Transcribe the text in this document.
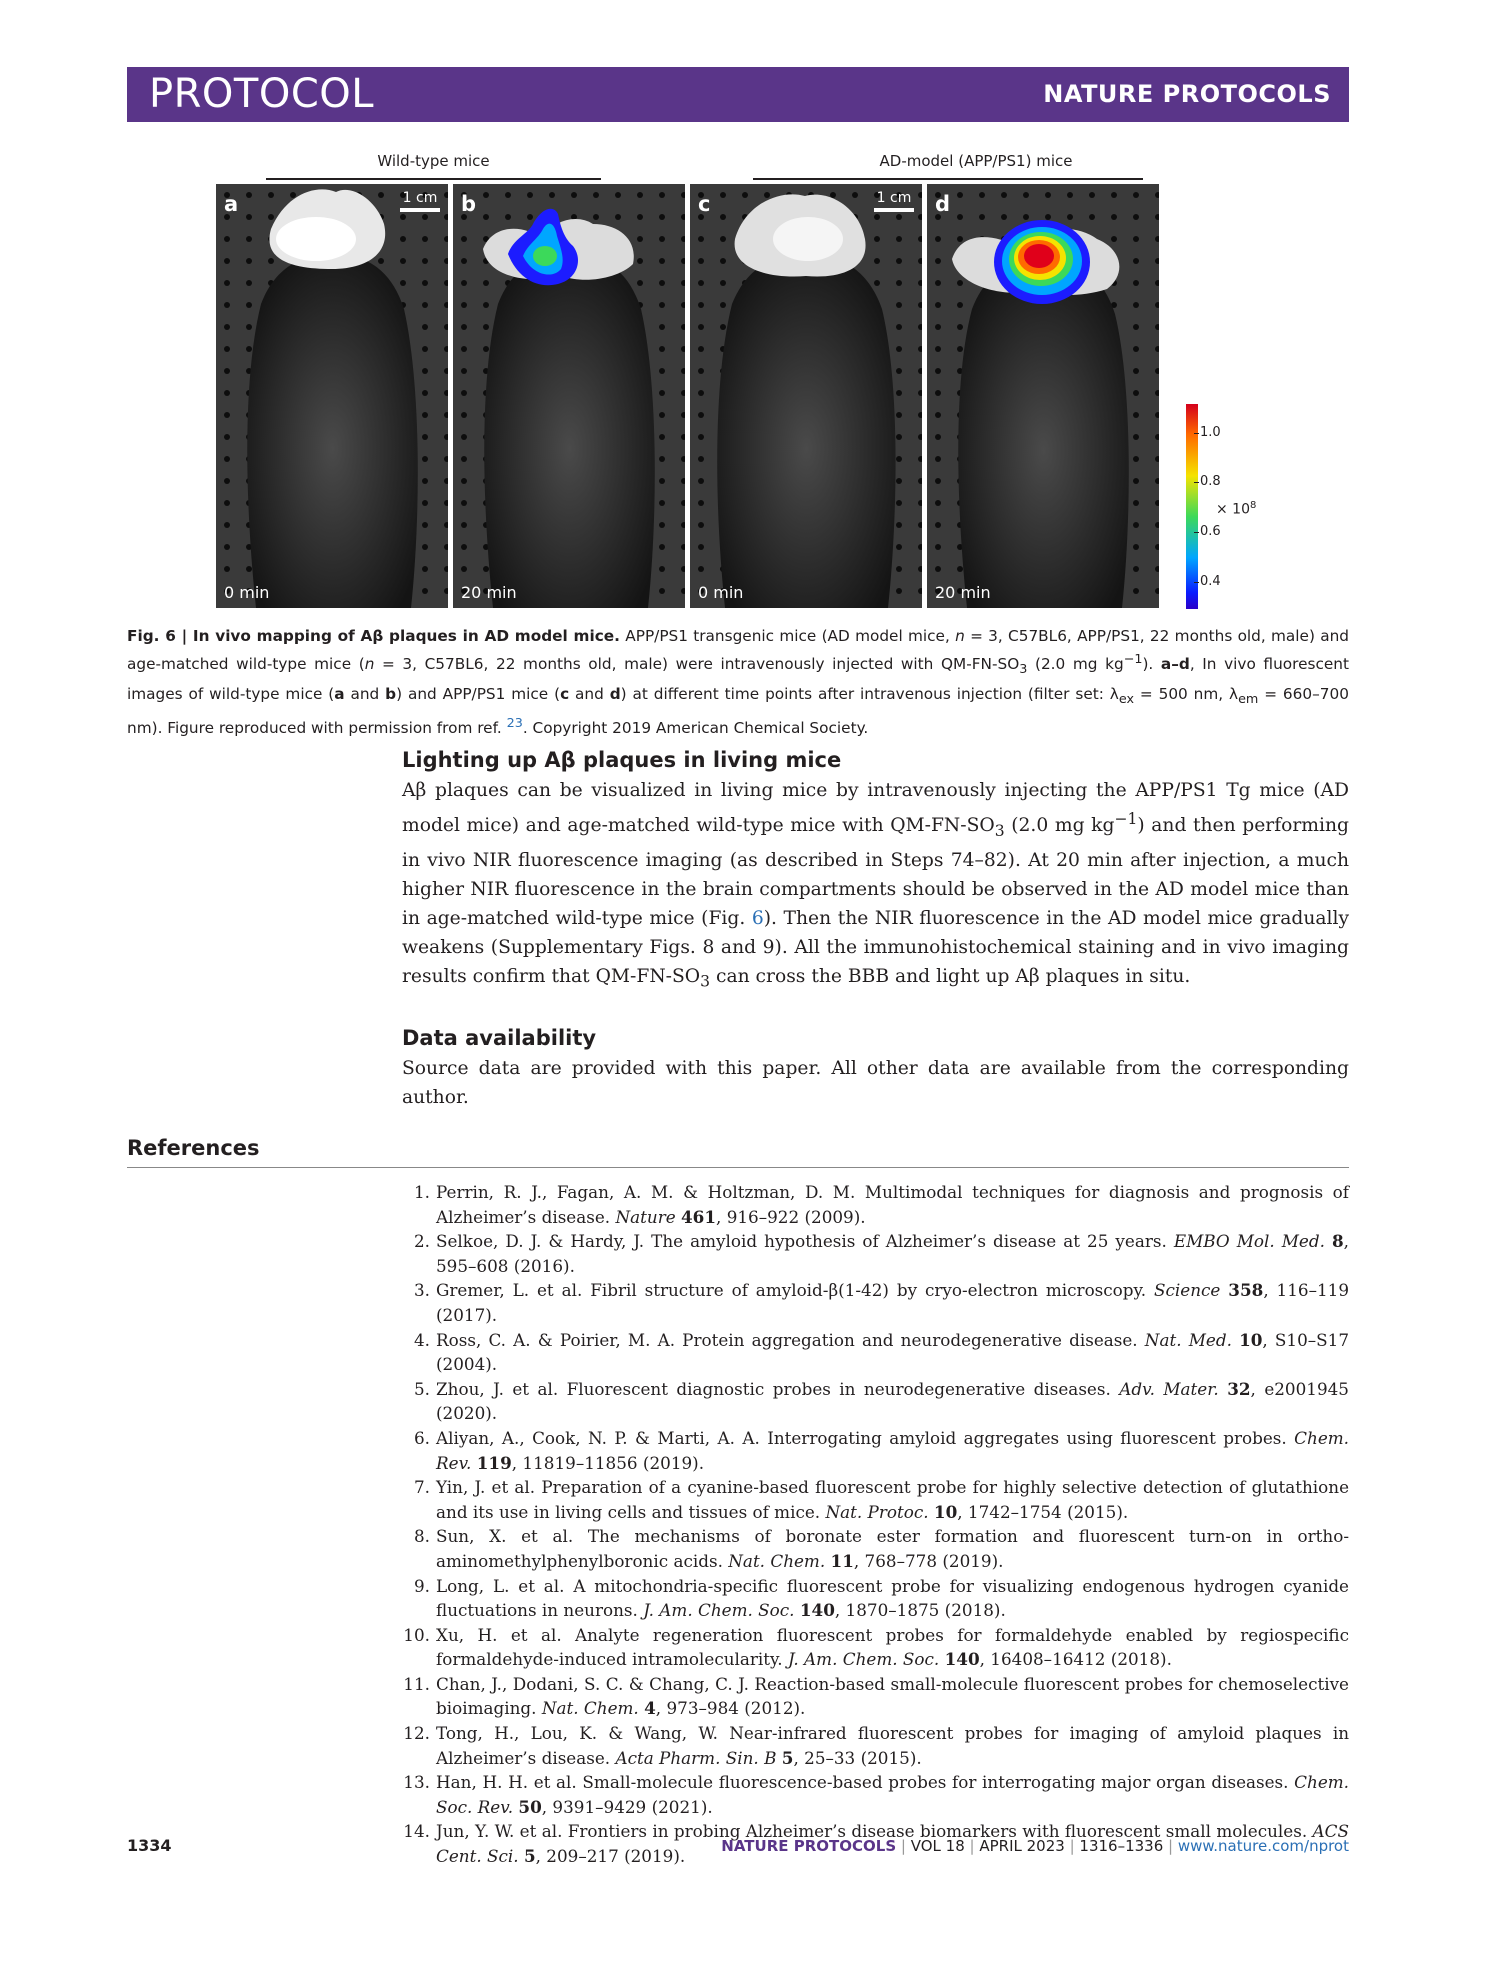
PROTOCOL	NATURE PROTOCOLS
Wild-type mice	AD-model (APP/PS1) mice
a	1 cm
0 min
b
20 min
c	1 cm
0 min
d
20 min
1.0
0.8
0.6
0.4
× $10^8$
Fig. 6 | In vivo mapping of Aβ plaques in AD model mice. APP/PS1 transgenic mice (AD model mice, n = 3, C57BL6, APP/PS1, 22 months old, male) and age-matched wild-type mice (n = 3, C57BL6, 22 months old, male) were intravenously injected with $QM-FN-SO_3$ (2.0 mg $kg^{-1}$). a–d, In vivo fluorescent images of wild-type mice (a and b) and APP/PS1 mice (c and d) at different time points after intravenous injection (filter set: $\lambda_{ex} = 500$ nm, $\lambda_{em} = 660-700$ nm). Figure reproduced with permission from ref. $^{23}$. Copyright 2019 American Chemical Society.
Lighting up Aβ plaques in living mice
Aβ plaques can be visualized in living mice by intravenously injecting the APP/PS1 Tg mice (AD model mice) and age-matched wild-type mice with $QM-FN-SO_3$ (2.0 mg $kg^{-1}$) and then performing in vivo NIR fluorescence imaging (as described in Steps 74–82). At 20 min after injection, a much higher NIR fluorescence in the brain compartments should be observed in the AD model mice than in age-matched wild-type mice (Fig. 6). Then the NIR fluorescence in the AD model mice gradually weakens (Supplementary Figs. 8 and 9). All the immunohistochemical staining and in vivo imaging results confirm that $QM-FN-SO_3$ can cross the BBB and light up Aβ plaques in situ.
Data availability
Source data are provided with this paper. All other data are available from the corresponding author.
References
1. Perrin, R. J., Fagan, A. M. & Holtzman, D. M. Multimodal techniques for diagnosis and prognosis of Alzheimer’s disease. Nature 461, 916–922 (2009).
2. Selkoe, D. J. & Hardy, J. The amyloid hypothesis of Alzheimer’s disease at 25 years. EMBO Mol. Med. 8, 595–608 (2016).
3. Gremer, L. et al. Fibril structure of amyloid-β(1-42) by cryo-electron microscopy. Science 358, 116–119 (2017).
4. Ross, C. A. & Poirier, M. A. Protein aggregation and neurodegenerative disease. Nat. Med. 10, S10–S17 (2004).
5. Zhou, J. et al. Fluorescent diagnostic probes in neurodegenerative diseases. Adv. Mater. 32, e2001945 (2020).
6. Aliyan, A., Cook, N. P. & Marti, A. A. Interrogating amyloid aggregates using fluorescent probes. Chem. Rev. 119, 11819–11856 (2019).
7. Yin, J. et al. Preparation of a cyanine-based fluorescent probe for highly selective detection of glutathione and its use in living cells and tissues of mice. Nat. Protoc. 10, 1742–1754 (2015).
8. Sun, X. et al. The mechanisms of boronate ester formation and fluorescent turn-on in ortho-aminomethylphenylboronic acids. Nat. Chem. 11, 768–778 (2019).
9. Long, L. et al. A mitochondria-specific fluorescent probe for visualizing endogenous hydrogen cyanide fluctuations in neurons. J. Am. Chem. Soc. 140, 1870–1875 (2018).
10. Xu, H. et al. Analyte regeneration fluorescent probes for formaldehyde enabled by regiospecific formaldehyde-induced intramolecularity. J. Am. Chem. Soc. 140, 16408–16412 (2018).
11. Chan, J., Dodani, S. C. & Chang, C. J. Reaction-based small-molecule fluorescent probes for chemoselective bioimaging. Nat. Chem. 4, 973–984 (2012).
12. Tong, H., Lou, K. & Wang, W. Near-infrared fluorescent probes for imaging of amyloid plaques in Alzheimer’s disease. Acta Pharm. Sin. B 5, 25–33 (2015).
13. Han, H. H. et al. Small-molecule fluorescence-based probes for interrogating major organ diseases. Chem. Soc. Rev. 50, 9391–9429 (2021).
14. Jun, Y. W. et al. Frontiers in probing Alzheimer’s disease biomarkers with fluorescent small molecules. ACS Cent. Sci. 5, 209–217 (2019).
1334	NATURE PROTOCOLS | VOL 18 | APRIL 2023 | 1316–1336 | www.nature.com/nprot
